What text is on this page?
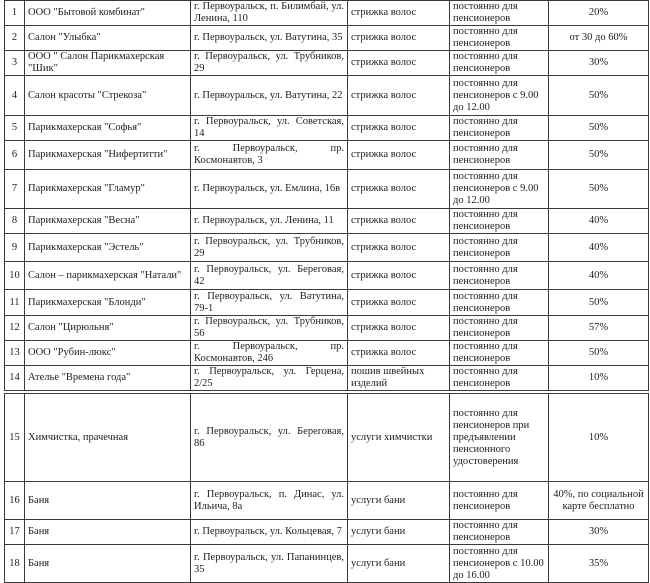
1	ООО "Бытовой комбинат"	г. Первоуральск, п. Билимбай, ул. Ленина, 110	стрижка волос	постоянно для пенсионеров	20%
2	Салон "Улыбка"	г. Первоуральск, ул. Ватутина, 35	стрижка волос	постоянно для пенсионеров	от 30 до 60%
3	ООО " Салон Парикмахерская "Шик"	г. Первоуральск, ул. Трубников, 29	стрижка волос	постоянно для пенсионеров	30%
4	Салон красоты "Стрекоза"	г. Первоуральск, ул. Ватутина, 22	стрижка волос	постоянно для пенсионеров с 9.00 до 12.00	50%
5	Парикмахерская "Софья"	г. Первоуральск, ул. Советская, 14	стрижка волос	постоянно для пенсионеров	50%
6	Парикмахерская "Нифертитти"	г. Первоуральск, пр. Космонавтов, 3	стрижка волос	постоянно для пенсионеров	50%
7	Парикмахерская "Гламур"	г. Первоуральск, ул. Емлина, 16в	стрижка волос	постоянно для пенсионеров с 9.00 до 12.00	50%
8	Парикмахерская "Весна"	г. Первоуральск, ул. Ленина, 11	стрижка волос	постоянно для пенсионеров	40%
9	Парикмахерская "Эстель"	г. Первоуральск, ул. Трубников, 29	стрижка волос	постоянно для пенсионеров	40%
10	Салон – парикмахерская "Натали"	г. Первоуральск, ул. Береговая, 42	стрижка волос	постоянно для пенсионеров	40%
11	Парикмахерская "Блонди"	г. Первоуральск, ул. Ватутина, 79-1	стрижка волос	постоянно для пенсионеров	50%
12	Салон "Цирюльня"	г. Первоуральск, ул. Трубников, 56	стрижка волос	постоянно для пенсионеров	57%
13	ООО "Рубин-люкс"	г. Первоуральск, пр. Космонавтов, 246	стрижка волос	постоянно для пенсионеров	50%
14	Ателье "Времена года"	г. Первоуральск, ул. Герцена, 2/25	пошив швейных изделий	постоянно для пенсионеров	10%
15	Химчистка, прачечная	г. Первоуральск, ул. Береговая, 86	услуги химчистки	постоянно для пенсионеров при предъявлении пенсионного удостоверения	10%
16	Баня	г. Первоуральск, п. Динас, ул. Ильича, 8а	услуги бани	постоянно для пенсионеров	40%, по социальной карте бесплатно
17	Баня	г. Первоуральск, ул. Кольцевая, 7	услуги бани	постоянно для пенсионеров	30%
18	Баня	г. Первоуральск, ул. Папанинцев, 35	услуги бани	постоянно для пенсионеров с 10.00 до 16.00	35%
